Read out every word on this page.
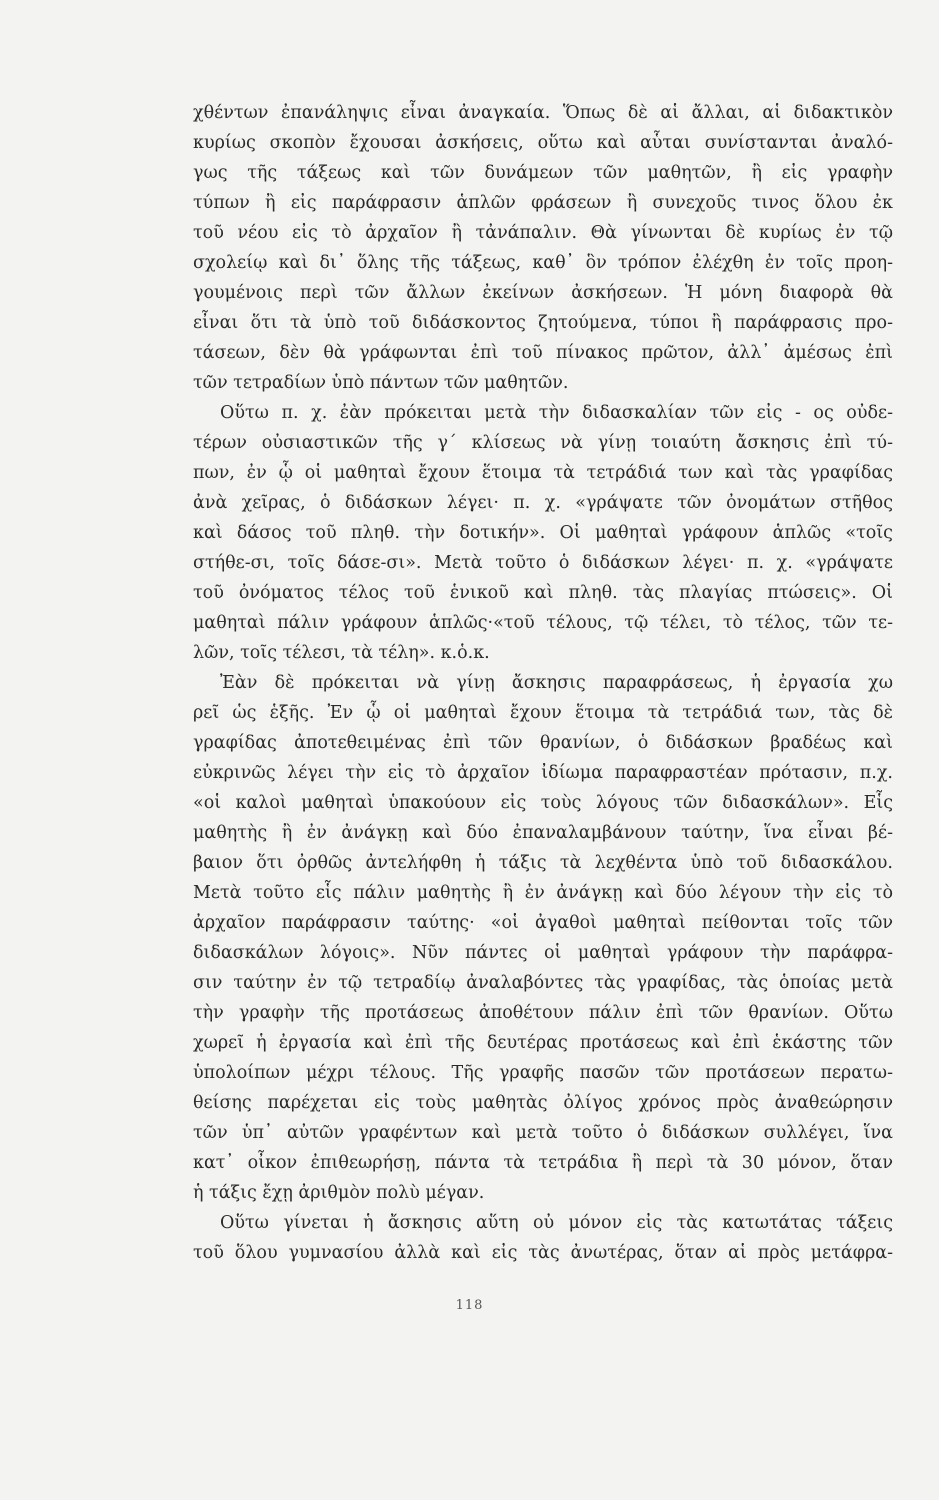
χθέντων ἐπανάληψις εἶναι ἀναγκαία. Ὅπως δὲ αἱ ἄλλαι, αἱ διδακτικὸν
κυρίως σκοπὸν ἔχουσαι ἀσκήσεις, οὕτω καὶ αὗται συνίστανται ἀναλό-
γως τῆς τάξεως καὶ τῶν δυνάμεων τῶν μαθητῶν, ἢ εἰς γραφὴν
τύπων ἢ εἰς παράφρασιν ἁπλῶν φράσεων ἢ συνεχοῦς τινος ὅλου ἐκ
τοῦ νέου εἰς τὸ ἀρχαῖον ἢ τἀνάπαλιν. Θὰ γίνωνται δὲ κυρίως ἐν τῷ
σχολείῳ καὶ δι᾿ ὅλης τῆς τάξεως, καθ᾿ ὃν τρόπον ἐλέχθη ἐν τοῖς προη-
γουμένοις περὶ τῶν ἄλλων ἐκείνων ἀσκήσεων. Ἡ μόνη διαφορὰ θὰ
εἶναι ὅτι τὰ ὑπὸ τοῦ διδάσκοντος ζητούμενα, τύποι ἢ παράφρασις προ-
τάσεων, δὲν θὰ γράφωνται ἐπὶ τοῦ πίνακος πρῶτον, ἀλλ᾿ ἀμέσως ἐπὶ
τῶν τετραδίων ὑπὸ πάντων τῶν μαθητῶν.
Οὕτω π. χ. ἐὰν πρόκειται μετὰ τὴν διδασκαλίαν τῶν εἰς - ος οὐδε-
τέρων οὐσιαστικῶν τῆς γ´ κλίσεως νὰ γίνῃ τοιαύτη ἄσκησις ἐπὶ τύ-
πων, ἐν ᾧ οἱ μαθηταὶ ἔχουν ἕτοιμα τὰ τετράδιά των καὶ τὰς γραφίδας
ἀνὰ χεῖρας, ὁ διδάσκων λέγει· π. χ. «γράψατε τῶν ὀνομάτων στῆθος
καὶ δάσος τοῦ πληθ. τὴν δοτικήν». Οἱ μαθηταὶ γράφουν ἁπλῶς «τοῖς
στήθε-σι, τοῖς δάσε-σι». Μετὰ τοῦτο ὁ διδάσκων λέγει· π. χ. «γράψατε
τοῦ ὀνόματος τέλος τοῦ ἑνικοῦ καὶ πληθ. τὰς πλαγίας πτώσεις». Οἱ
μαθηταὶ πάλιν γράφουν ἁπλῶς·«τοῦ τέλους, τῷ τέλει, τὸ τέλος, τῶν τε-
λῶν, τοῖς τέλεσι, τὰ τέλη». κ.ὁ.κ.
Ἐὰν δὲ πρόκειται νὰ γίνῃ ἄσκησις παραφράσεως, ἡ ἐργασία χω
ρεῖ ὡς ἑξῆς. Ἐν ᾧ οἱ μαθηταὶ ἔχουν ἕτοιμα τὰ τετράδιά των, τὰς δὲ
γραφίδας ἀποτεθειμένας ἐπὶ τῶν θρανίων, ὁ διδάσκων βραδέως καὶ
εὐκρινῶς λέγει τὴν εἰς τὸ ἀρχαῖον ἰδίωμα παραφραστέαν πρότασιν, π.χ.
«οἱ καλοὶ μαθηταὶ ὑπακούουν εἰς τοὺς λόγους τῶν διδασκάλων». Εἷς
μαθητὴς ἢ ἐν ἀνάγκῃ καὶ δύο ἐπαναλαμβάνουν ταύτην, ἵνα εἶναι βέ-
βαιον ὅτι ὀρθῶς ἀντελήφθη ἡ τάξις τὰ λεχθέντα ὑπὸ τοῦ διδασκάλου.
Μετὰ τοῦτο εἷς πάλιν μαθητὴς ἢ ἐν ἀνάγκῃ καὶ δύο λέγουν τὴν εἰς τὸ
ἀρχαῖον παράφρασιν ταύτης· «οἱ ἀγαθοὶ μαθηταὶ πείθονται τοῖς τῶν
διδασκάλων λόγοις». Νῦν πάντες οἱ μαθηταὶ γράφουν τὴν παράφρα-
σιν ταύτην ἐν τῷ τετραδίῳ ἀναλαβόντες τὰς γραφίδας, τὰς ὁποίας μετὰ
τὴν γραφὴν τῆς προτάσεως ἀποθέτουν πάλιν ἐπὶ τῶν θρανίων. Οὕτω
χωρεῖ ἡ ἐργασία καὶ ἐπὶ τῆς δευτέρας προτάσεως καὶ ἐπὶ ἑκάστης τῶν
ὑπολοίπων μέχρι τέλους. Τῆς γραφῆς πασῶν τῶν προτάσεων περατω-
θείσης παρέχεται εἰς τοὺς μαθητὰς ὀλίγος χρόνος πρὸς ἀναθεώρησιν
τῶν ὑπ᾿ αὐτῶν γραφέντων καὶ μετὰ τοῦτο ὁ διδάσκων συλλέγει, ἵνα
κατ᾿ οἶκον ἐπιθεωρήσῃ, πάντα τὰ τετράδια ἢ περὶ τὰ 30 μόνον, ὅταν
ἡ τάξις ἔχῃ ἀριθμὸν πολὺ μέγαν.
Οὕτω γίνεται ἡ ἄσκησις αὕτη οὐ μόνον εἰς τὰς κατωτάτας τάξεις
τοῦ ὅλου γυμνασίου ἀλλὰ καὶ εἰς τὰς ἀνωτέρας, ὅταν αἱ πρὸς μετάφρα-
118
